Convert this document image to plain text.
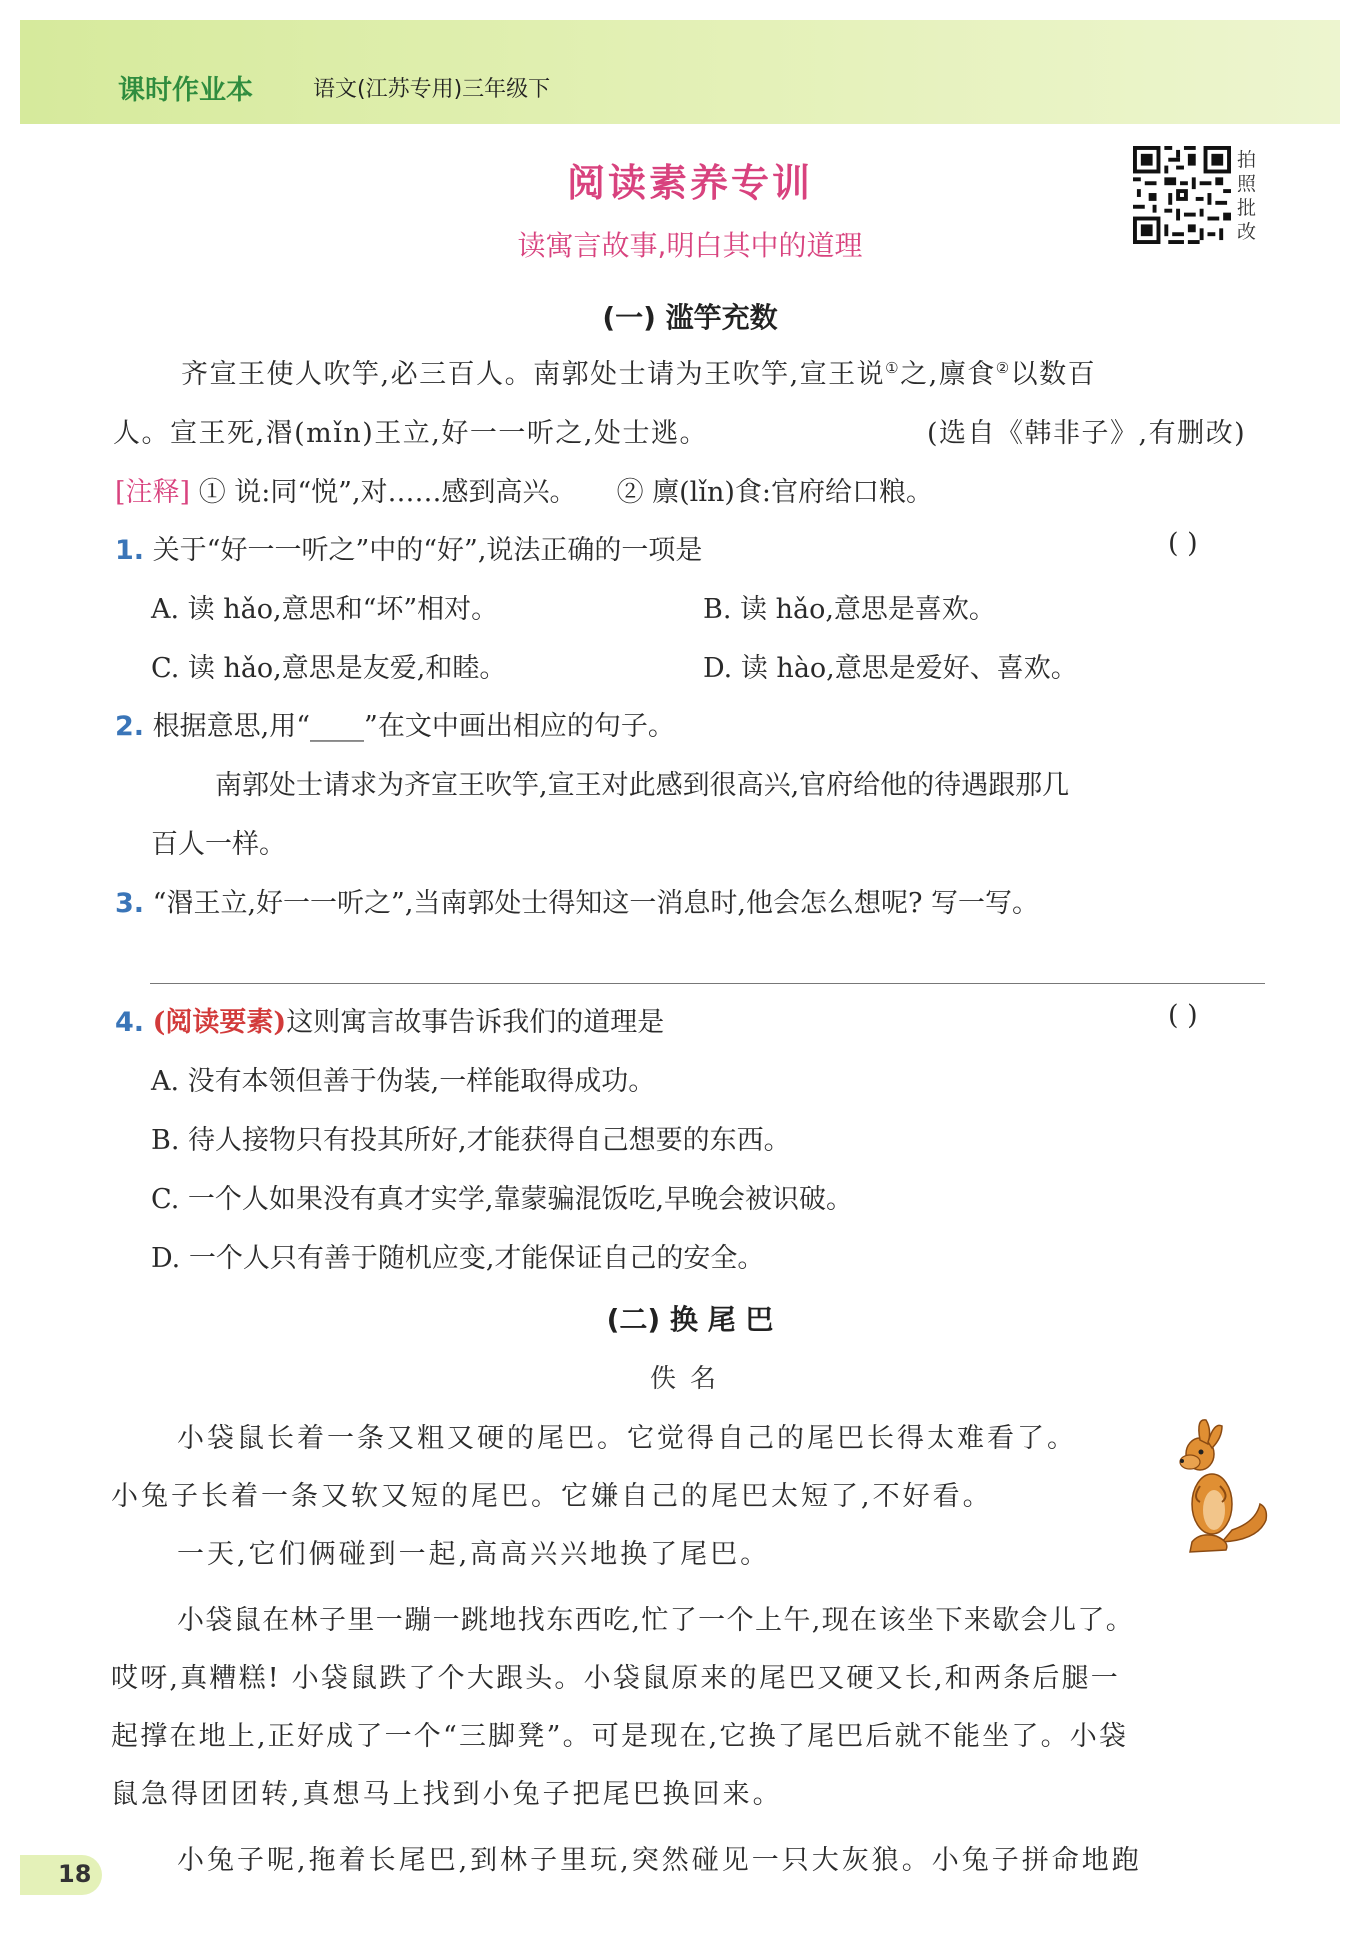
课时作业本	语文(江苏专用)三年级下
阅读素养专训
读寓言故事,明白其中的道理
拍
照
批
改
(一) 滥竽充数
齐宣王使人吹竽,必三百人。南郭处士请为王吹竽,宣王说①之,廪食②以数百
人。宣王死,湣(mǐn)王立,好一一听之,处士逃。	(选自《韩非子》,有删改)
[注释] ① 说:同“悦”,对……感到高兴。 ② 廪(lǐn)食:官府给口粮。
1. 关于“好一一听之”中的“好”,说法正确的一项是	( )
A. 读 hǎo,意思和“坏”相对。	B. 读 hǎo,意思是喜欢。
C. 读 hǎo,意思是友爱,和睦。	D. 读 hào,意思是爱好、喜欢。
2. 根据意思,用“____”在文中画出相应的句子。
南郭处士请求为齐宣王吹竽,宣王对此感到很高兴,官府给他的待遇跟那几
百人一样。
3. “湣王立,好一一听之”,当南郭处士得知这一消息时,他会怎么想呢? 写一写。
4. (阅读要素)这则寓言故事告诉我们的道理是	( )
A. 没有本领但善于伪装,一样能取得成功。
B. 待人接物只有投其所好,才能获得自己想要的东西。
C. 一个人如果没有真才实学,靠蒙骗混饭吃,早晚会被识破。
D. 一个人只有善于随机应变,才能保证自己的安全。
(二) 换 尾 巴
佚名
小袋鼠长着一条又粗又硬的尾巴。它觉得自己的尾巴长得太难看了。
小兔子长着一条又软又短的尾巴。它嫌自己的尾巴太短了,不好看。
一天,它们俩碰到一起,高高兴兴地换了尾巴。
小袋鼠在林子里一蹦一跳地找东西吃,忙了一个上午,现在该坐下来歇会儿了。
哎呀,真糟糕! 小袋鼠跌了个大跟头。小袋鼠原来的尾巴又硬又长,和两条后腿一
起撑在地上,正好成了一个“三脚凳”。可是现在,它换了尾巴后就不能坐了。小袋
鼠急得团团转,真想马上找到小兔子把尾巴换回来。
小兔子呢,拖着长尾巴,到林子里玩,突然碰见一只大灰狼。小兔子拼命地跑
18
